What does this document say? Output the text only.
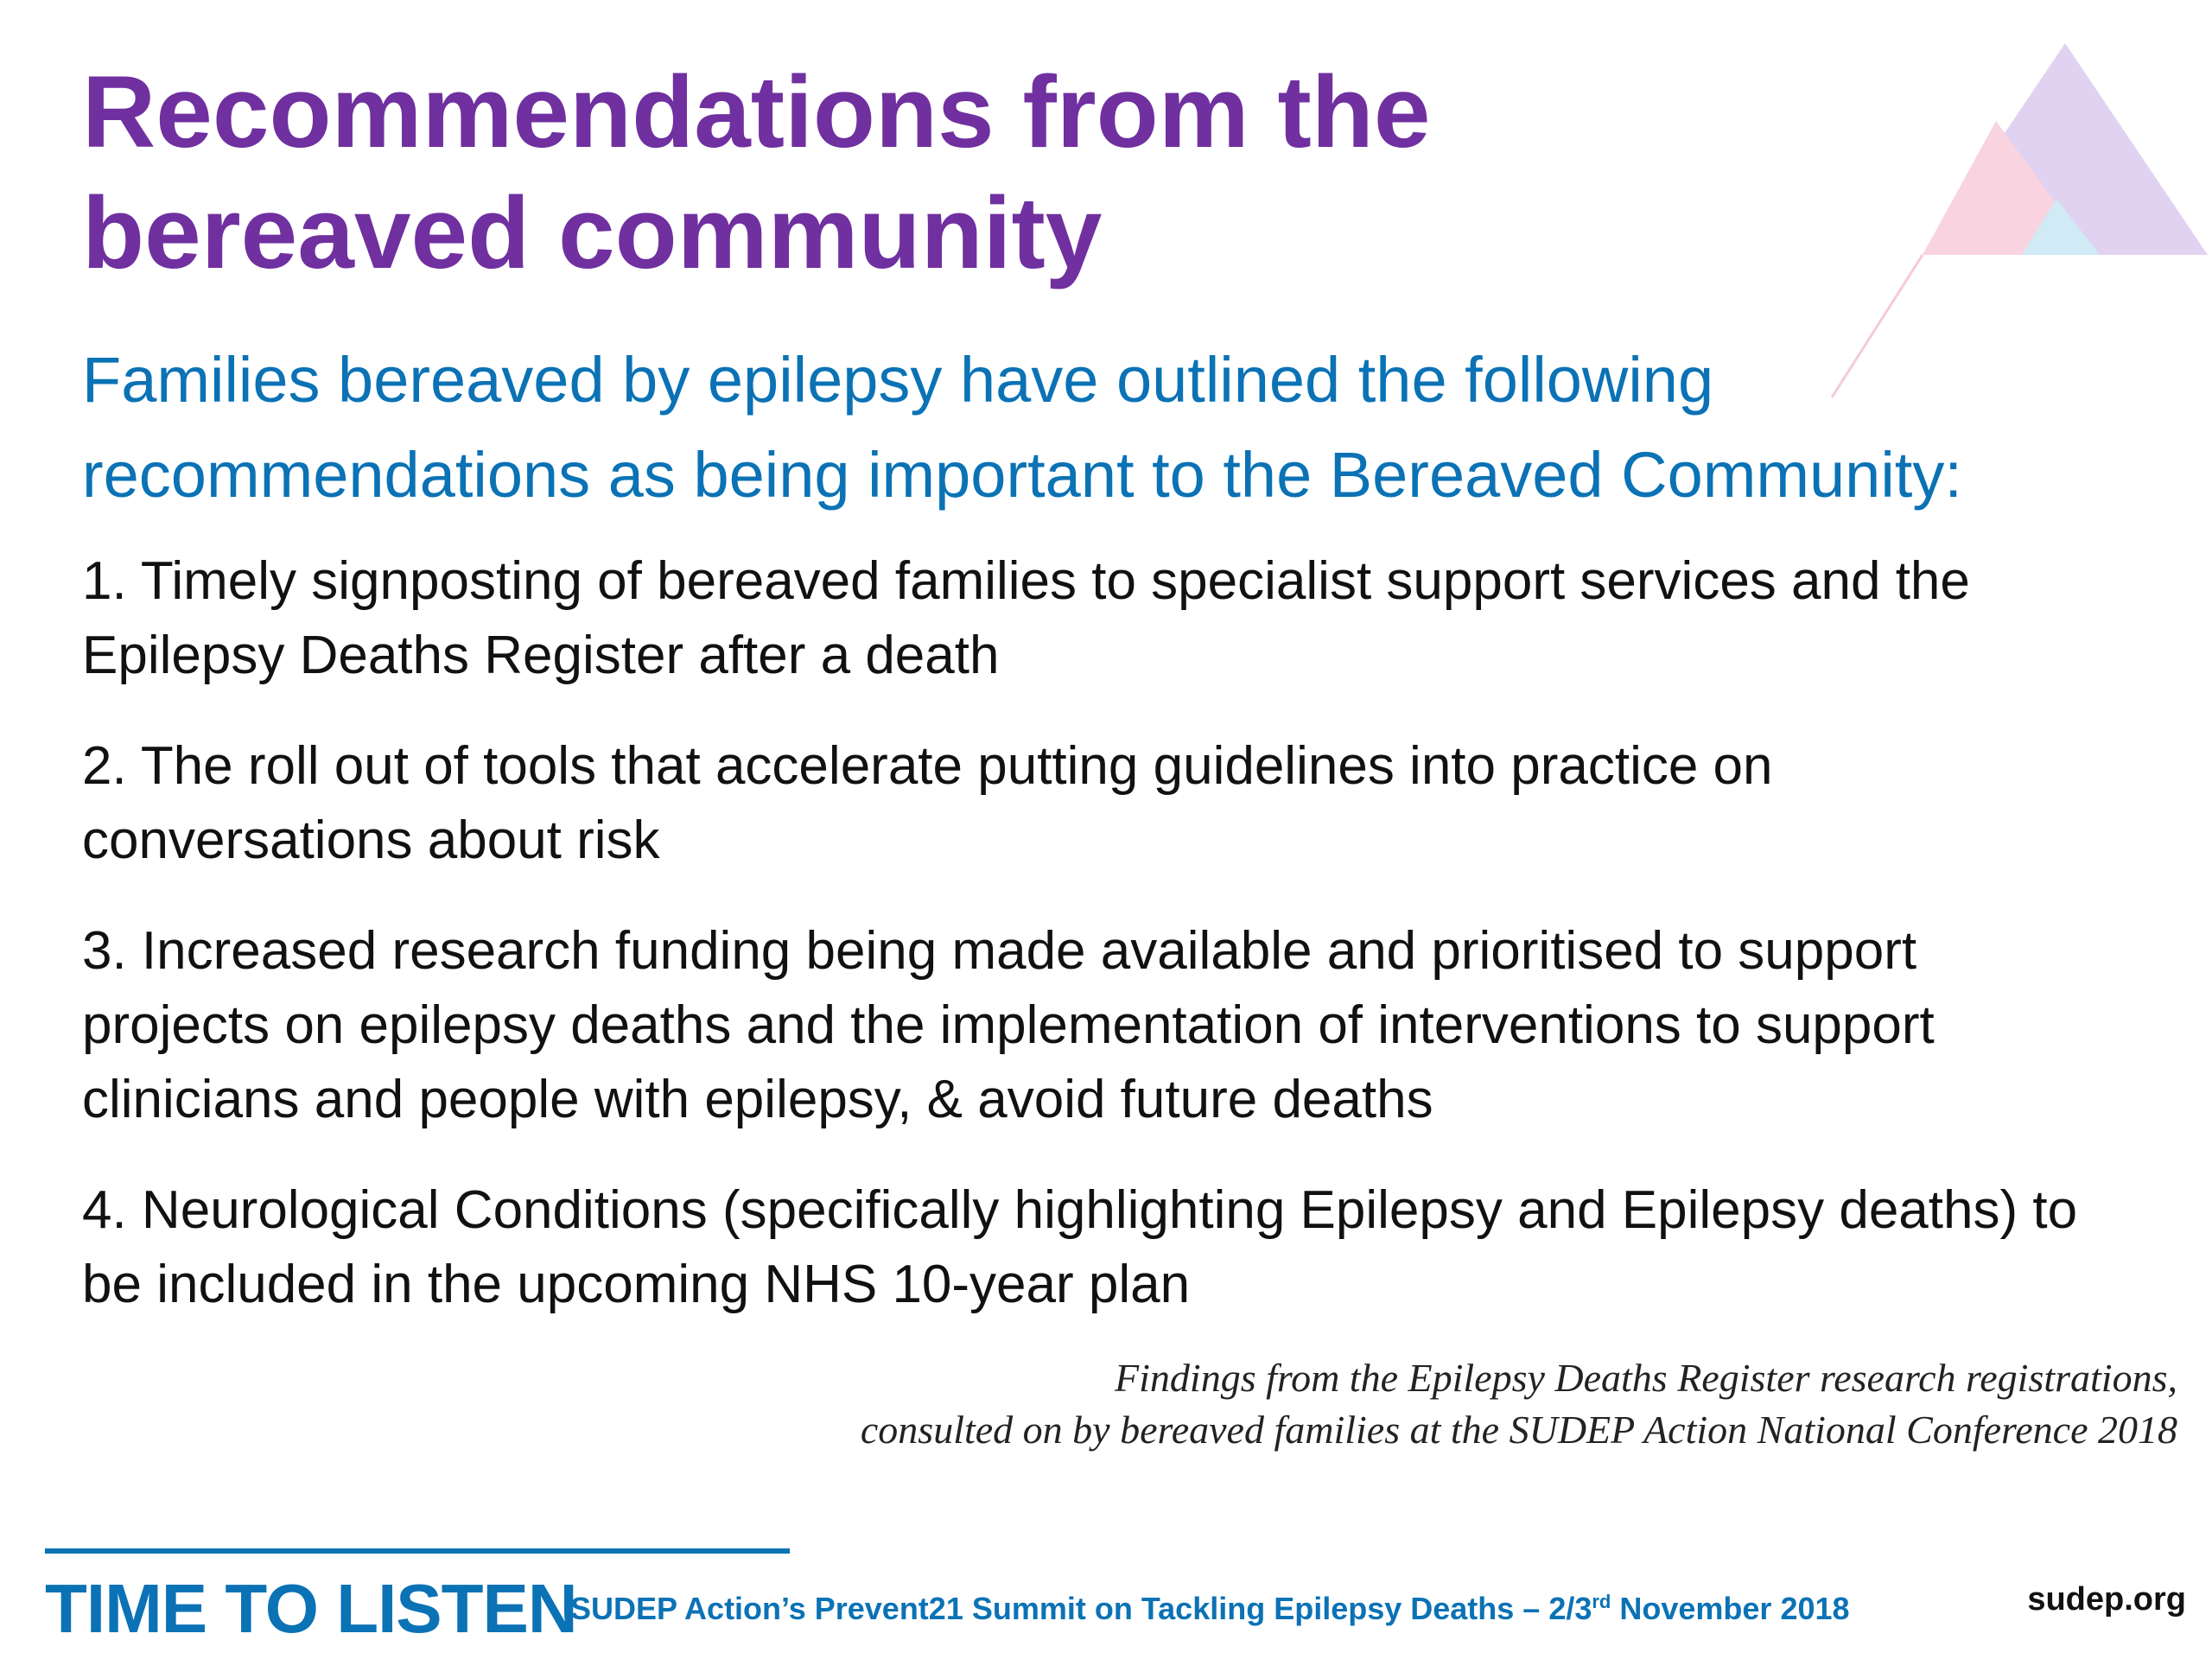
Recommendations from the
bereaved community

Families bereaved by epilepsy have outlined the following
recommendations as being important to the Bereaved Community:

1. Timely signposting of bereaved families to specialist support services and the
Epilepsy Deaths Register after a death
2. The roll out of tools that accelerate putting guidelines into practice on
conversations about risk
3. Increased research funding being made available and prioritised to support
projects on epilepsy deaths and the implementation of interventions to support
clinicians and people with epilepsy, & avoid future deaths
4. Neurological Conditions (specifically highlighting Epilepsy and Epilepsy deaths) to
be included in the upcoming NHS 10-year plan

Findings from the Epilepsy Deaths Register research registrations,
consulted on by bereaved families at the SUDEP Action National Conference 2018

TIME TO LISTEN

SUDEP Action’s Prevent21 Summit on Tackling Epilepsy Deaths – 2/3rd November 2018	sudep.org
